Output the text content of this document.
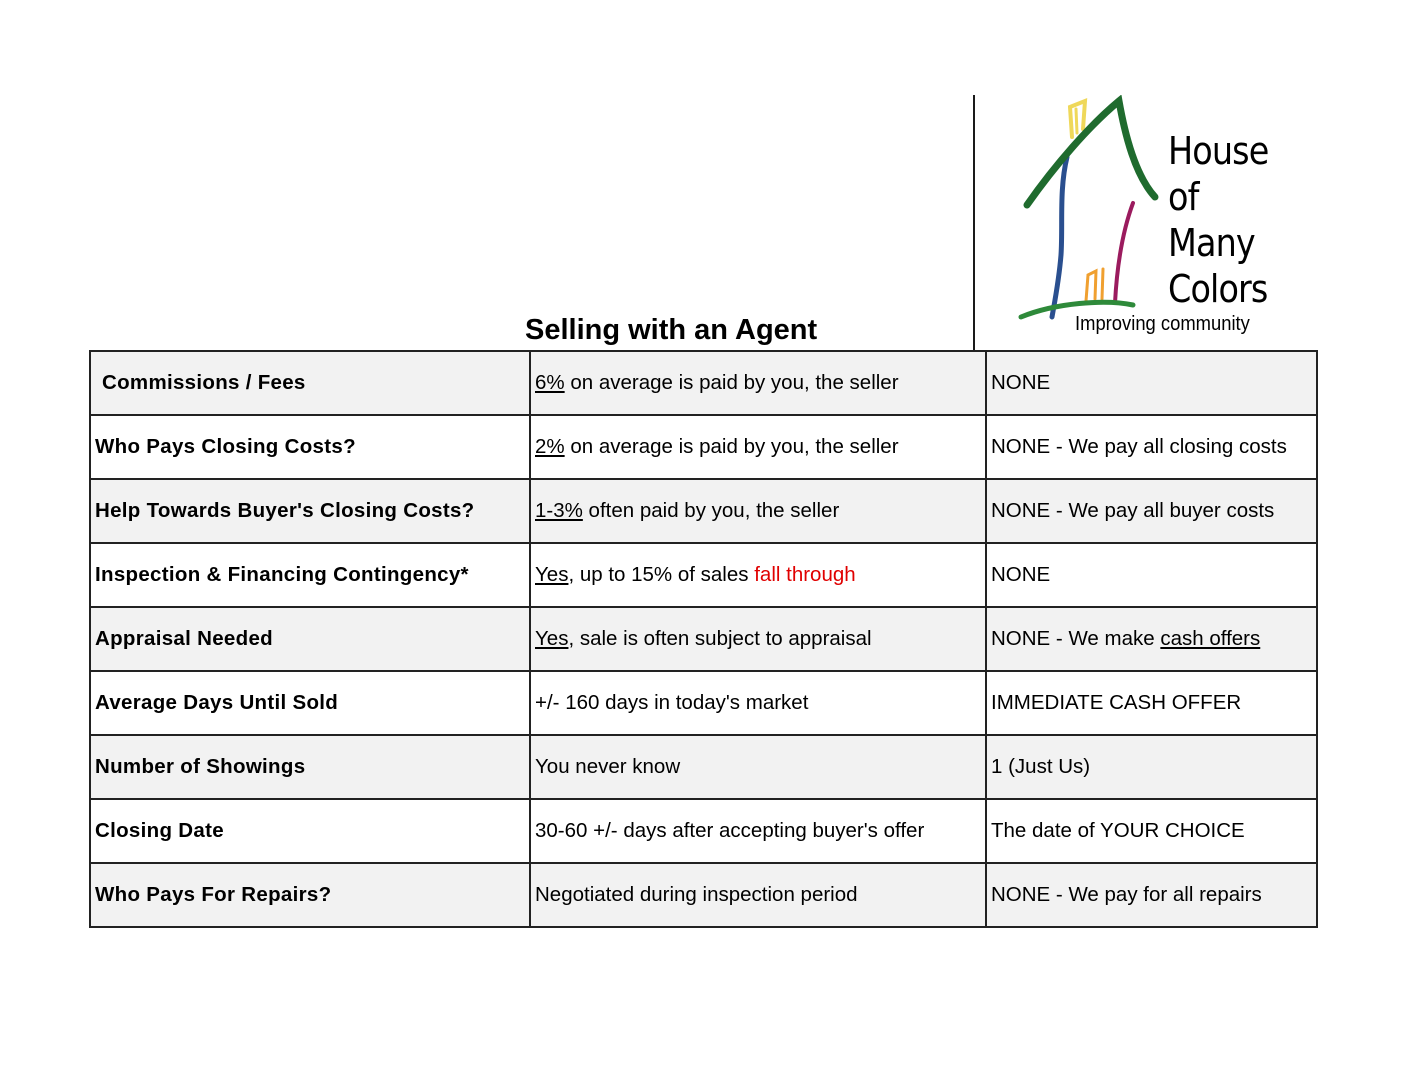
Selling with an Agent
House
of
Many
Colors
Improving community
Commissions / Fees	6% on average is paid by you, the seller	NONE
Who Pays Closing Costs?	2% on average is paid by you, the seller	NONE - We pay all closing costs
Help Towards Buyer's Closing Costs?	1-3% often paid by you, the seller	NONE - We pay all buyer costs
Inspection & Financing Contingency*	Yes, up to 15% of sales fall through	NONE
Appraisal Needed	Yes, sale is often subject to appraisal	NONE - We make cash offers
Average Days Until Sold	+/- 160 days in today's market	IMMEDIATE CASH OFFER
Number of Showings	You never know	1 (Just Us)
Closing Date	30-60 +/- days after accepting buyer's offer	The date of YOUR CHOICE
Who Pays For Repairs?	Negotiated during inspection period	NONE - We pay for all repairs
